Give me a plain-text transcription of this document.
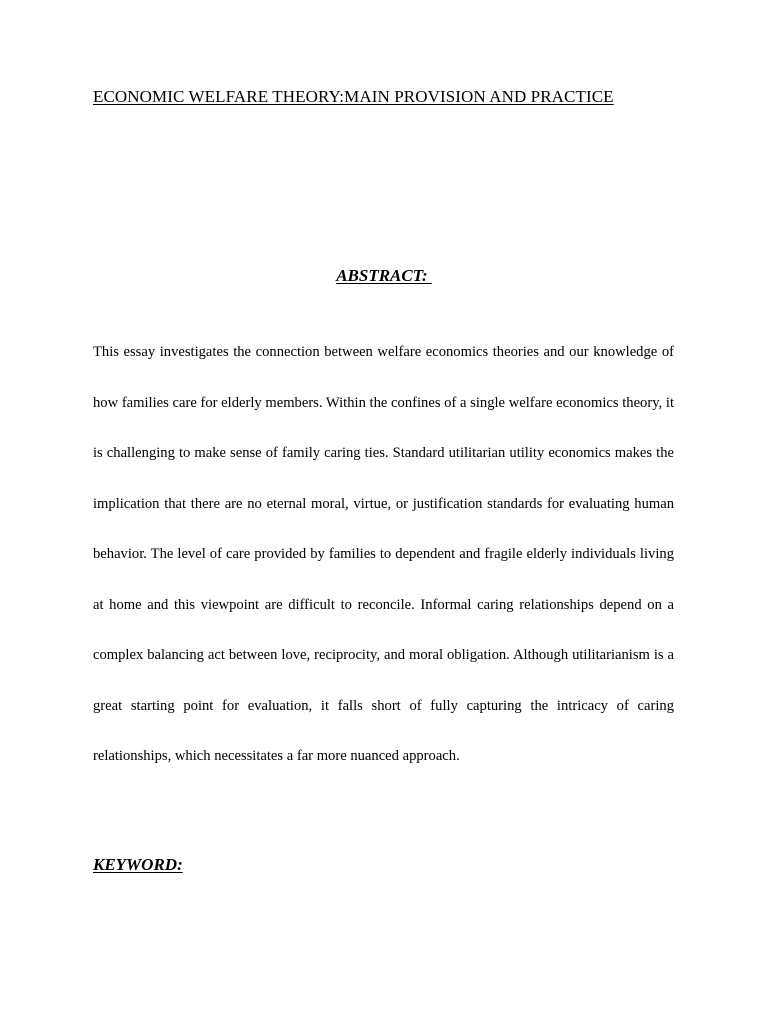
ECONOMIC WELFARE THEORY:MAIN PROVISION AND PRACTICE
ABSTRACT:
This essay investigates the connection between welfare economics theories and our knowledge of how families care for elderly members. Within the confines of a single welfare economics theory, it is challenging to make sense of family caring ties. Standard utilitarian utility economics makes the implication that there are no eternal moral, virtue, or justification standards for evaluating human behavior. The level of care provided by families to dependent and fragile elderly individuals living at home and this viewpoint are difficult to reconcile. Informal caring relationships depend on a complex balancing act between love, reciprocity, and moral obligation. Although utilitarianism is a great starting point for evaluation, it falls short of fully capturing the intricacy of caring relationships, which necessitates a far more nuanced approach.
KEYWORD:
